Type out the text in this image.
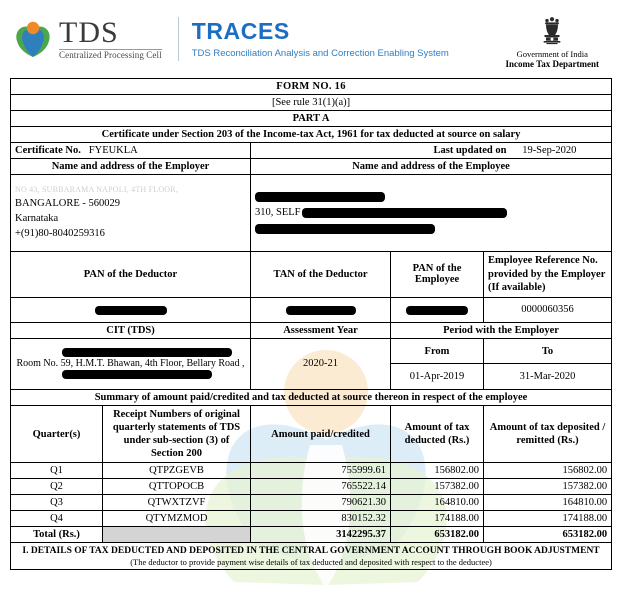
TDS
Centralized Processing Cell
TRACES
TDS Reconciliation Analysis and Correction Enabling System	Government of India
Income Tax Department
FORM NO. 16				
[See rule 31(1)(a)]				
PART A				
Certificate under Section 203 of the Income-tax Act, 1961 for tax deducted at source on salary				
Certificate No. FYEUKLA		Last updated on 19-Sep-2020		
Name and address of the Employer		Name and address of the Employee		

NO 43, SUBBARAMA NAPOLI, 4TH FLOOR,
BANGALORE - 560029
Karnataka
+(91)80-8040259316		310, SELF		

PAN of the Deductor		TAN of the Deductor	PAN of the Employee	Employee Reference No. provided by the Employer (If available)
				0000060356
CIT (TDS)		Assessment Year	Period with the Employer	

Room No. 59, H.M.T. Bhawan, 4th Floor, Bellary Road ,		2020-21	From	To
			01-Apr-2019	31-Mar-2020
Summary of amount paid/credited and tax deducted at source thereon in respect of the employee				
Quarter(s)	Receipt Numbers of original quarterly statements of TDS under sub-section (3) of Section 200	Amount paid/credited	Amount of tax deducted (Rs.)	Amount of tax deposited / remitted (Rs.)
Q1	QTPZGEVB	755999.61	156802.00	156802.00
Q2	QTTOPOCB	765522.14	157382.00	157382.00
Q3	QTWXTZVF	790621.30	164810.00	164810.00
Q4	QTYMZMOD	830152.32	174188.00	174188.00
Total (Rs.)		3142295.37	653182.00	653182.00

I. DETAILS OF TAX DEDUCTED AND DEPOSITED IN THE CENTRAL GOVERNMENT ACCOUNT THROUGH BOOK ADJUSTMENT
(The deductor to provide payment wise details of tax deducted and deposited with respect to the deductee)				
